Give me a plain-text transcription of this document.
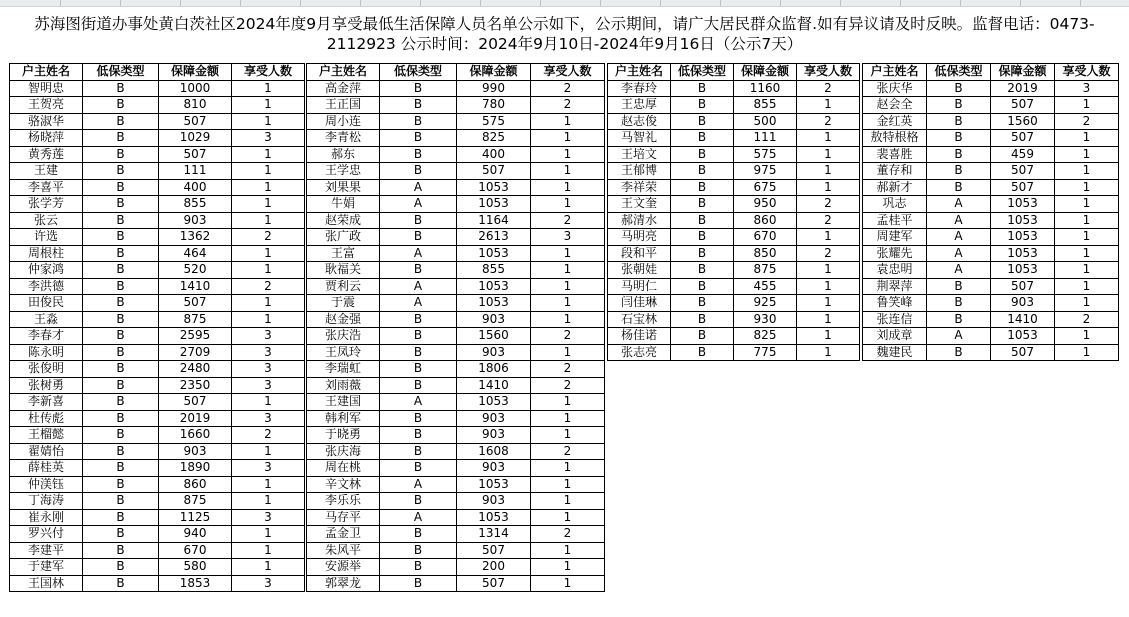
苏海图街道办事处黄白茨社区2024年度9月享受最低生活保障人员名单公示如下，公示期间，请广大居民群众监督.如有异议请及时反映。监督电话：0473-
2112923 公示时间：2024年9月10日-2024年9月16日（公示7天）
户主姓名	低保类型	保障金额	享受人数
智明忠	B	1000	1
王贺亮	B	810	1
骆淑华	B	507	1
杨晓萍	B	1029	3
黄秀莲	B	507	1
王建	B	111	1
李喜平	B	400	1
张学芳	B	855	1
张云	B	903	1
许选	B	1362	2
周根柱	B	464	1
仲家鸿	B	520	1
李洪德	B	1410	2
田俊民	B	507	1
王淼	B	875	1
李春才	B	2595	3
陈永明	B	2709	3
张俊明	B	2480	3
张树勇	B	2350	3
李新喜	B	507	1
杜传彪	B	2019	3
王榴懿	B	1660	2
翟婧怡	B	903	1
薛桂英	B	1890	3
仲渼钰	B	860	1
丁海涛	B	875	1
崔永刚	B	1125	3
罗兴付	B	940	1
李建平	B	670	1
于建军	B	580	1
王国林	B	1853	3
户主姓名	低保类型	保障金额	享受人数
高金萍	B	990	2
王正国	B	780	2
周小连	B	575	1
李青松	B	825	1
郝东	B	400	1
王学忠	B	507	1
刘果果	A	1053	1
牛娟	A	1053	1
赵荣成	B	1164	2
张广政	B	2613	3
王富	A	1053	1
耿福关	B	855	1
贾利云	A	1053	1
于震	A	1053	1
赵金强	B	903	1
张庆浩	B	1560	2
王凤玲	B	903	1
李瑞虹	B	1806	2
刘雨薇	B	1410	2
王建国	A	1053	1
韩利军	B	903	1
于晓勇	B	903	1
张庆海	B	1608	2
周在桃	B	903	1
辛文林	A	1053	1
李乐乐	B	903	1
马存平	A	1053	1
孟金卫	B	1314	2
朱风平	B	507	1
安源举	B	200	1
郭翠龙	B	507	1
户主姓名	低保类型	保障金额	享受人数
李春玲	B	1160	2
王忠厚	B	855	1
赵志俊	B	500	2
马智礼	B	111	1
王培文	B	575	1
王郁博	B	975	1
李祥荣	B	675	1
王文奎	B	950	2
郝清水	B	860	2
马明亮	B	670	1
段和平	B	850	2
张朝娃	B	875	1
马明仁	B	455	1
闫佳琳	B	925	1
石宝林	B	930	1
杨佳诺	B	825	1
张志亮	B	775	1
户主姓名	低保类型	保障金额	享受人数
张庆华	B	2019	3
赵会全	B	507	1
金红英	B	1560	2
敖特根格	B	507	1
裴喜胜	B	459	1
董存和	B	507	1
郝新才	B	507	1
巩志	A	1053	1
孟桂平	A	1053	1
周建军	A	1053	1
张耀先	A	1053	1
袁忠明	A	1053	1
荆翠萍	B	507	1
鲁笑峰	B	903	1
张连信	B	1410	2
刘成章	A	1053	1
魏建民	B	507	1
